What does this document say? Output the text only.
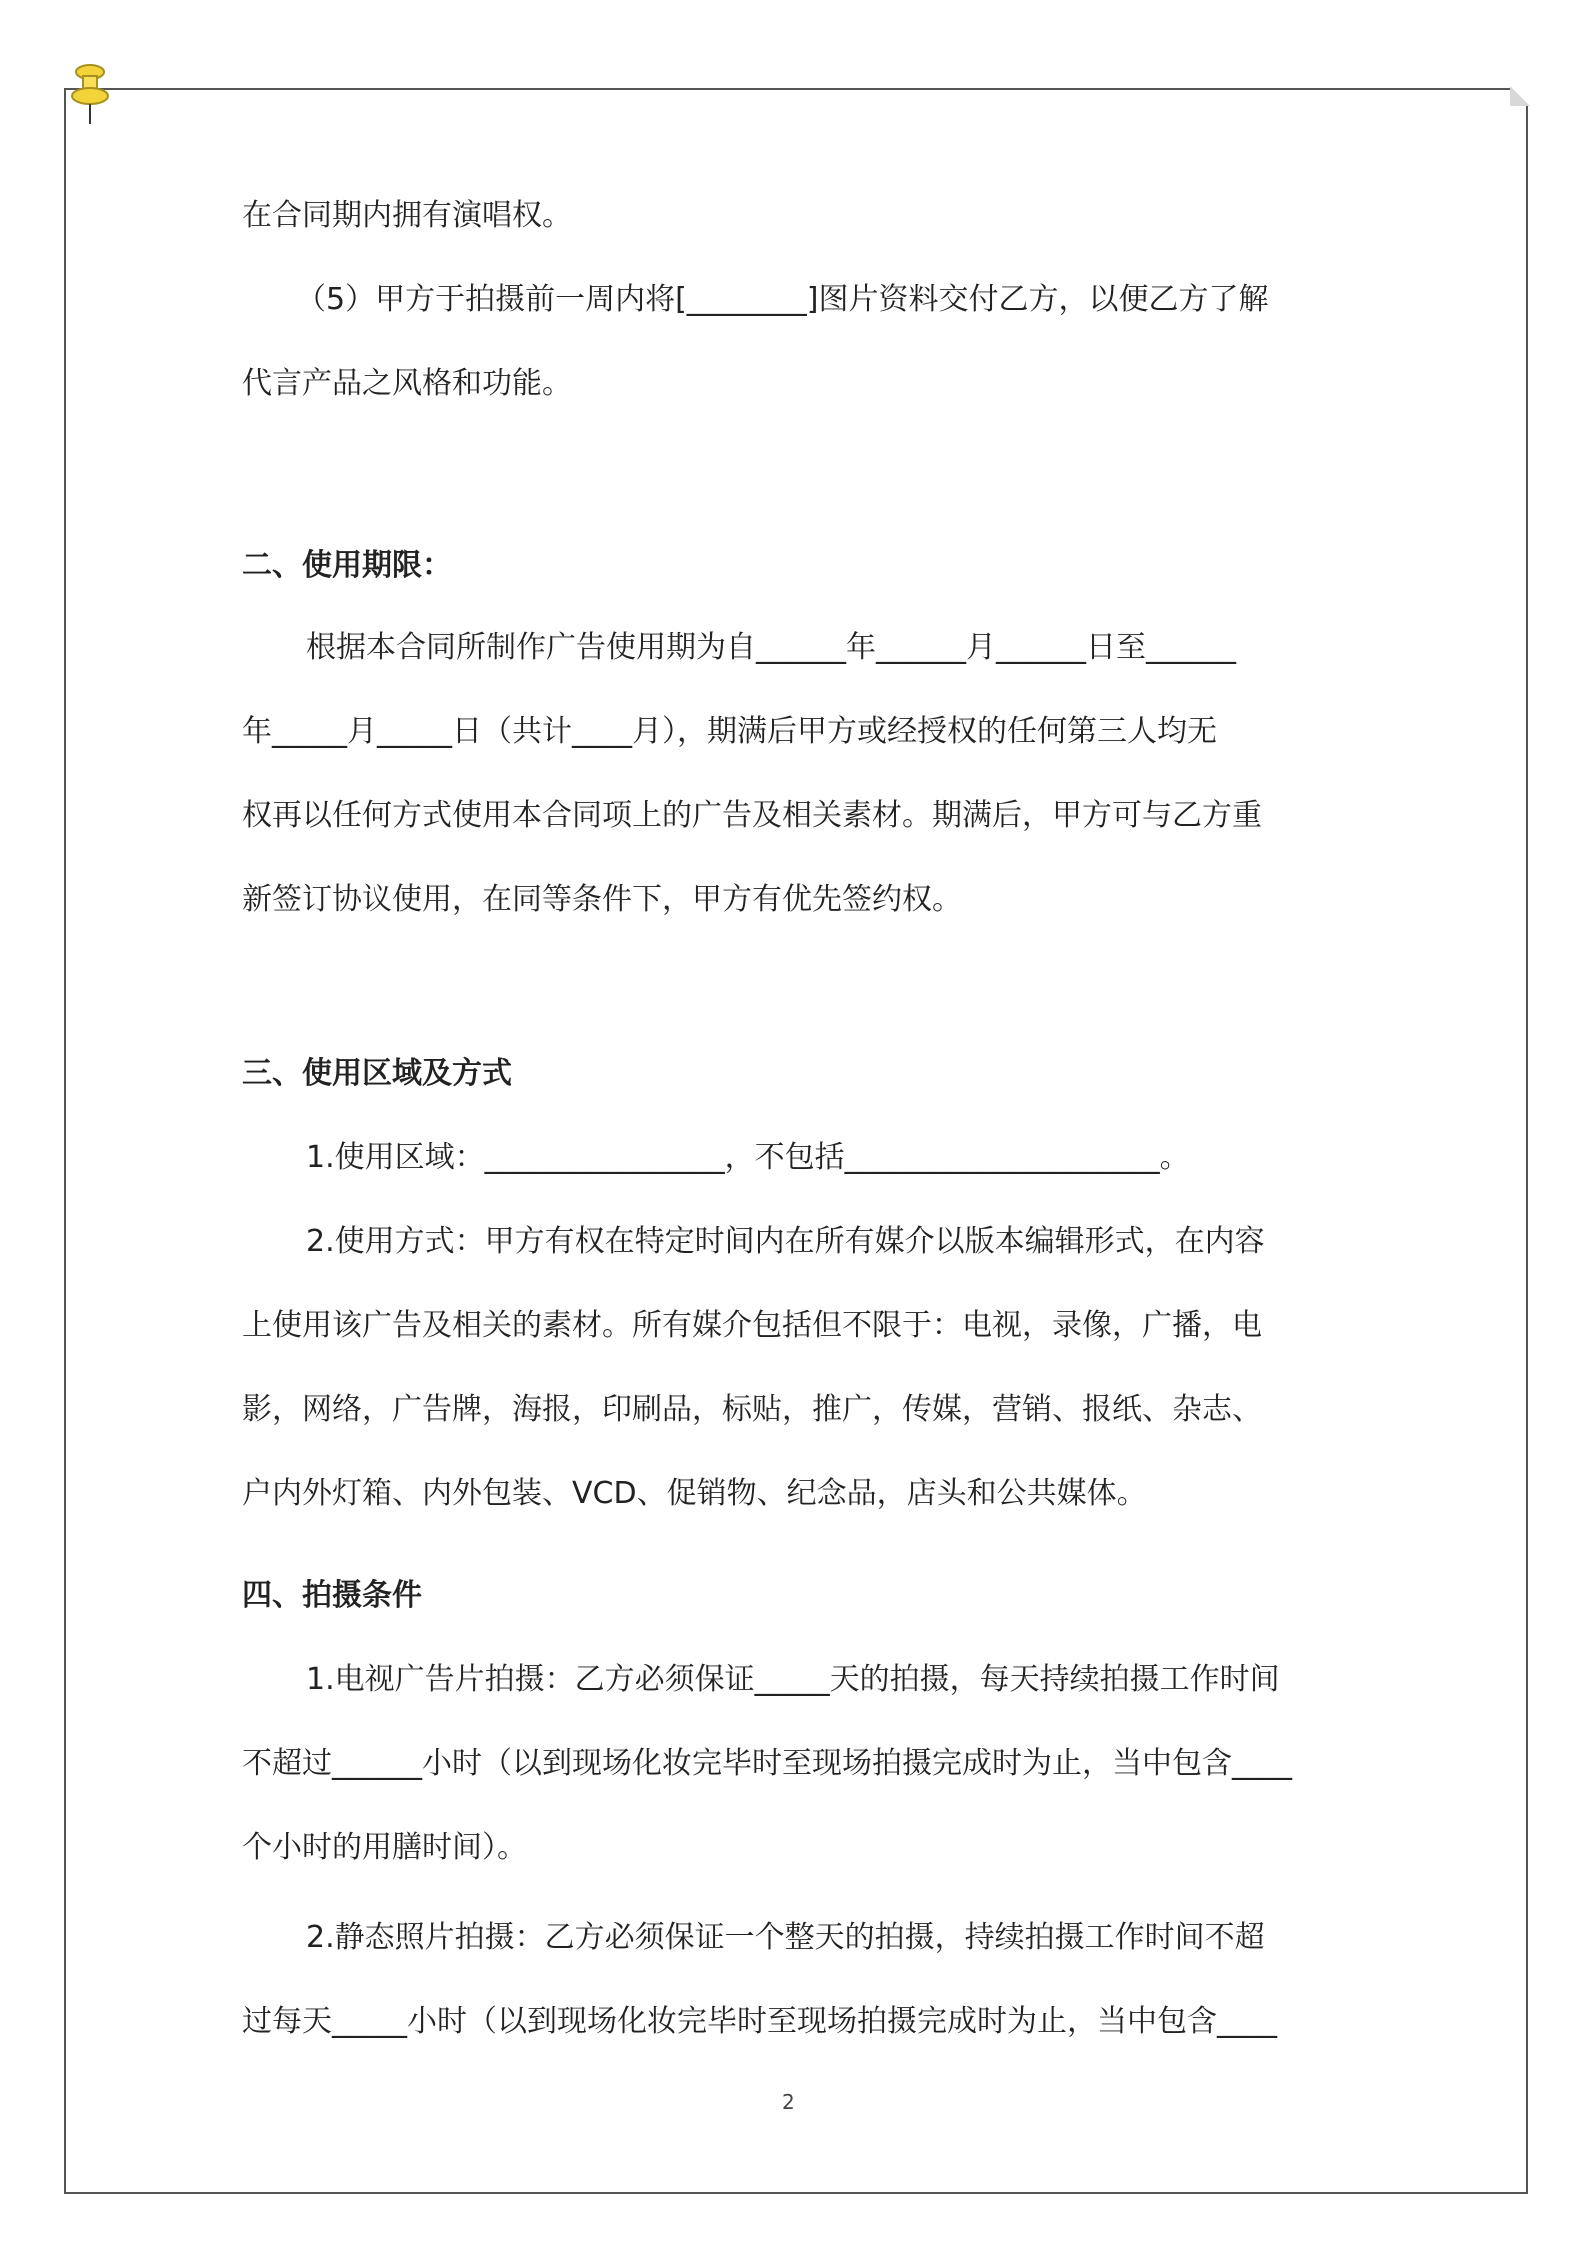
在合同期内拥有演唱权。

（5）甲方于拍摄前一周内将[________]图片资料交付乙方，以便乙方了解

代言产品之风格和功能。

二、使用期限：

根据本合同所制作广告使用期为自______年______月______日至______

年_____月_____日（共计____月），期满后甲方或经授权的任何第三人均无

权再以任何方式使用本合同项上的广告及相关素材。期满后，甲方可与乙方重

新签订协议使用，在同等条件下，甲方有优先签约权。

三、使用区域及方式

1.使用区域：________________，不包括_____________________。

2.使用方式：甲方有权在特定时间内在所有媒介以版本编辑形式，在内容

上使用该广告及相关的素材。所有媒介包括但不限于：电视，录像，广播，电

影，网络，广告牌，海报，印刷品，标贴，推广，传媒，营销、报纸、杂志、

户内外灯箱、内外包装、VCD、促销物、纪念品，店头和公共媒体。

四、拍摄条件

1.电视广告片拍摄：乙方必须保证_____天的拍摄，每天持续拍摄工作时间

不超过______小时（以到现场化妆完毕时至现场拍摄完成时为止，当中包含____

个小时的用膳时间）。

2.静态照片拍摄：乙方必须保证一个整天的拍摄，持续拍摄工作时间不超

过每天_____小时（以到现场化妆完毕时至现场拍摄完成时为止，当中包含____

2
